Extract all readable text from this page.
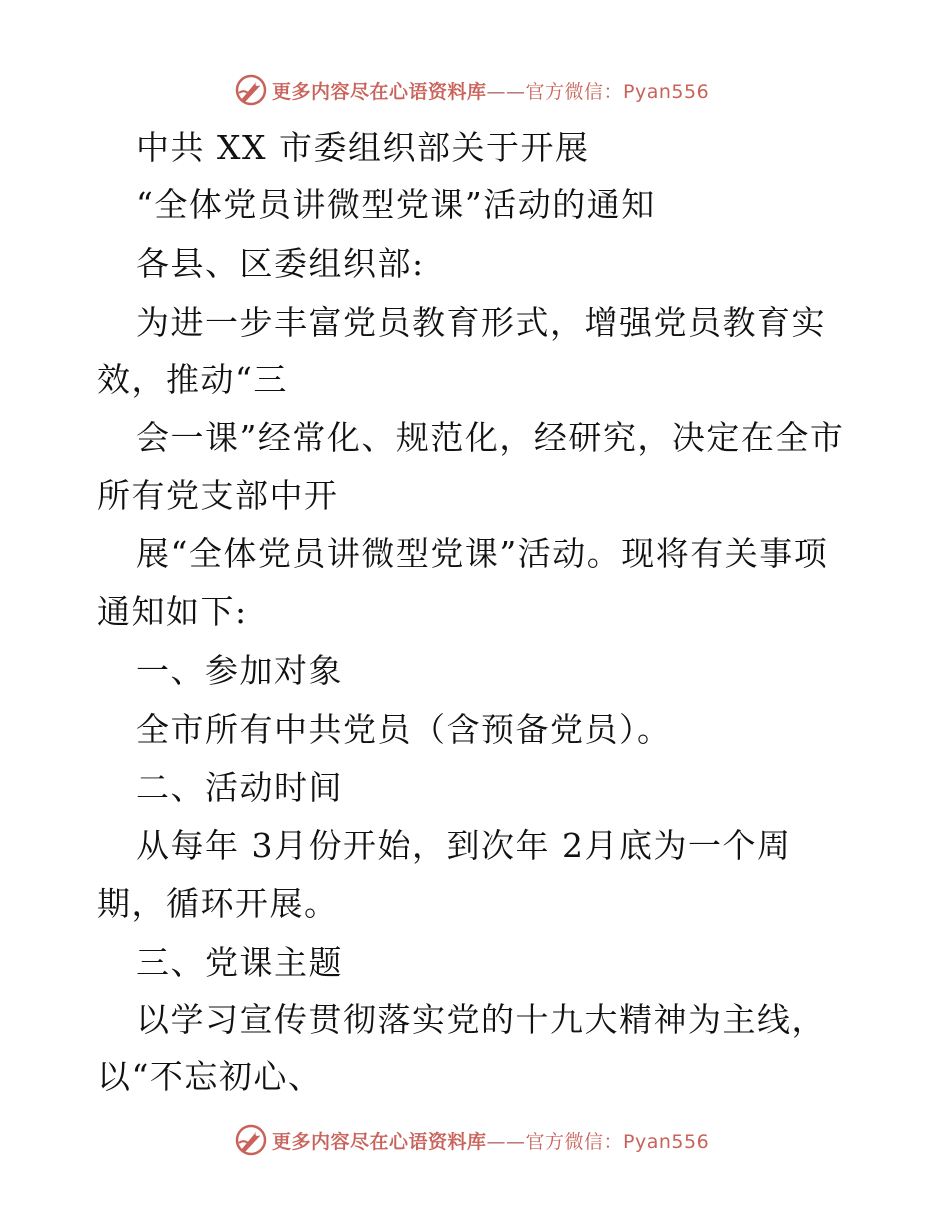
更多内容尽在心语资料库——官方微信：Pyan556
中共 XX 市委组织部关于开展
“全体党员讲微型党课”活动的通知
各县、区委组织部:
为进一步丰富党员教育形式，增强党员教育实
效，推动“三
会一课”经常化、规范化，经研究，决定在全市
所有党支部中开
展“全体党员讲微型党课”活动。现将有关事项
通知如下:
一、参加对象
全市所有中共党员（含预备党员）。
二、活动时间
从每年 3月份开始，到次年 2月底为一个周
期，循环开展。
三、党课主题
以学习宣传贯彻落实党的十九大精神为主线，
以“不忘初心、
更多内容尽在心语资料库——官方微信：Pyan556
